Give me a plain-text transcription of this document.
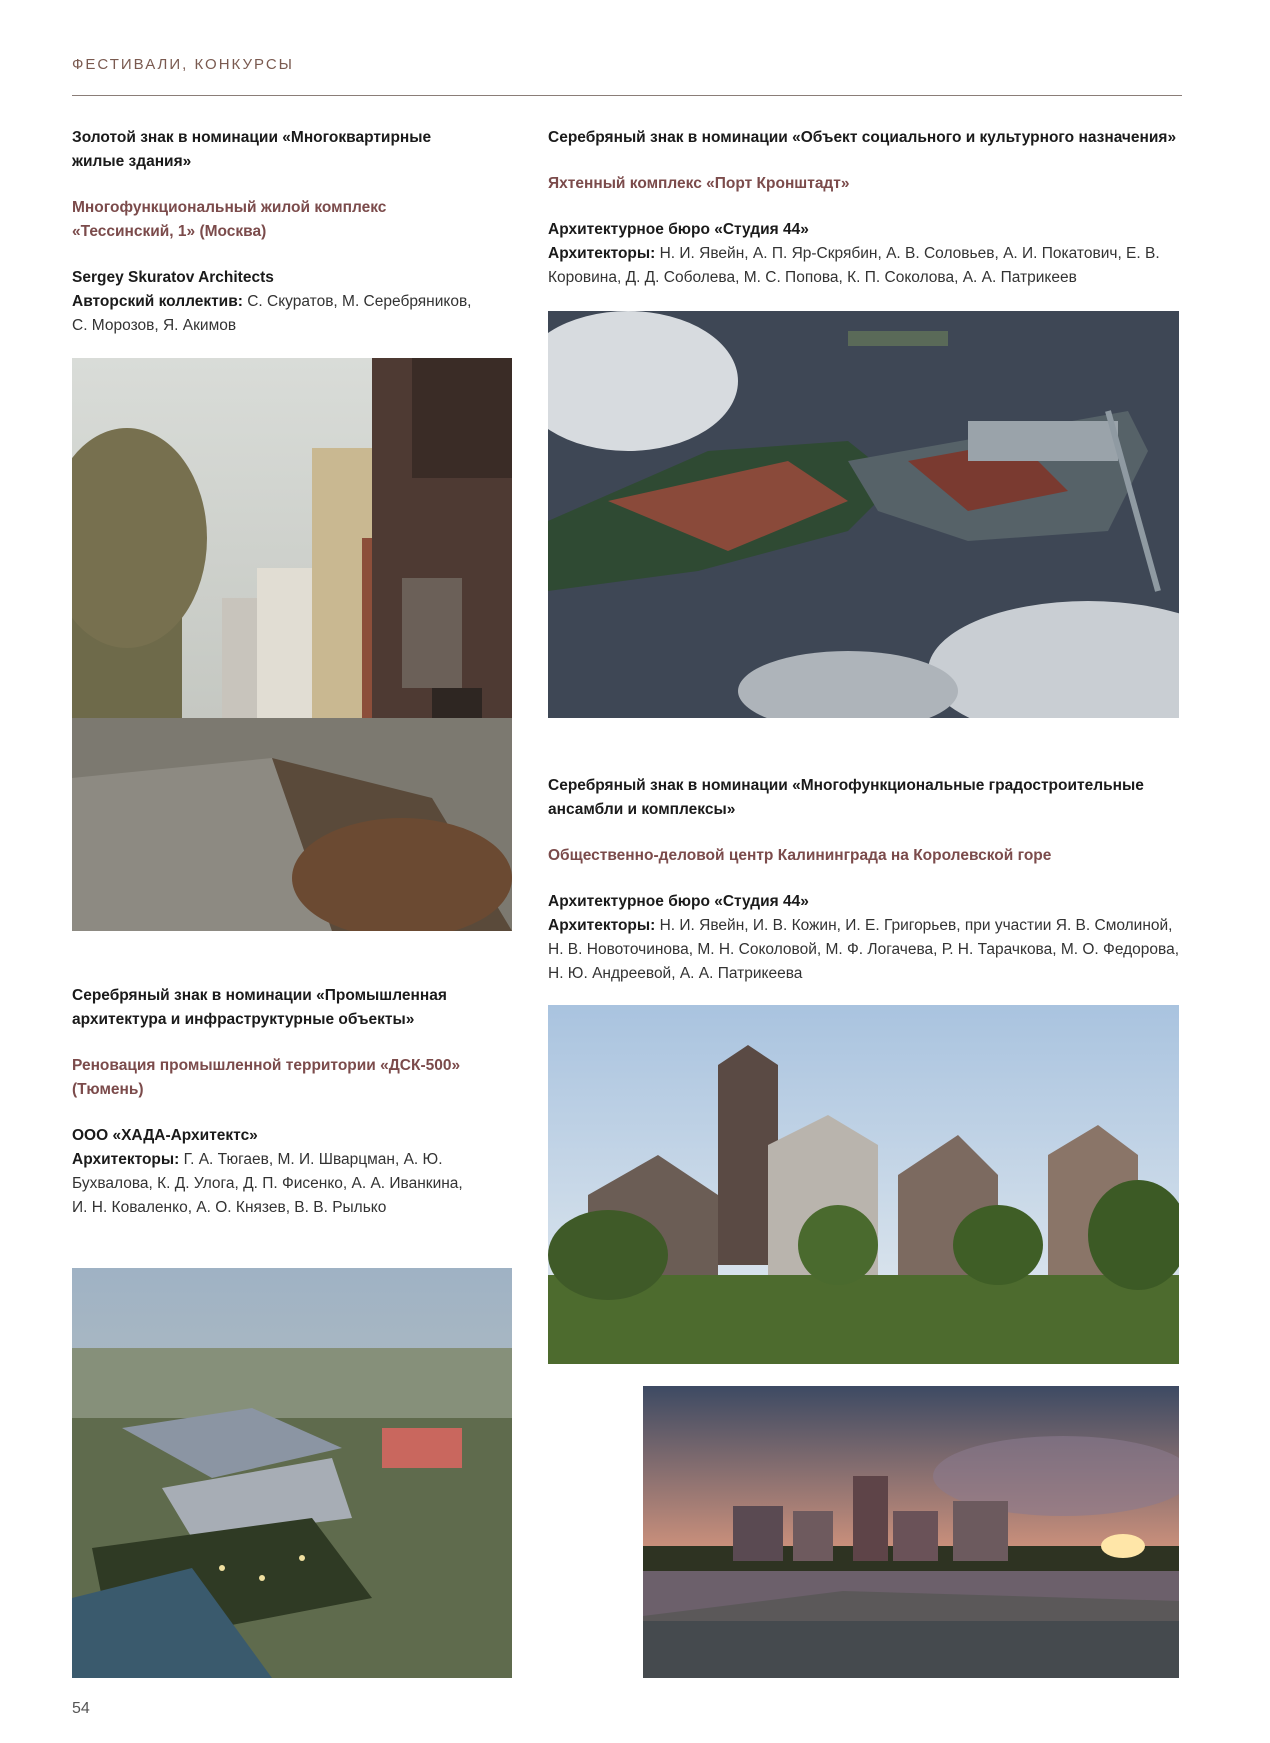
ФЕСТИВАЛИ, КОНКУРСЫ
Золотой знак в номинации «Многоквартирные жилые здания»
Многофункциональный жилой комплекс «Тессинский, 1» (Москва)
Sergey Skuratov Architects
Авторский коллектив: С. Скуратов, М. Серебряников, С. Морозов, Я. Акимов
Серебряный знак в номинации «Промышленная архитектура и инфраструктурные объекты»
Реновация промышленной территории «ДСК-500» (Тюмень)
ООО «ХАДА-Архитектс»
Архитекторы: Г. А. Тюгаев, М. И. Шварцман, А. Ю. Бухвалова, К. Д. Улога, Д. П. Фисенко, А. А. Иванкина, И. Н. Коваленко, А. О. Князев, В. В. Рылько
Серебряный знак в номинации «Объект социального и культурного назначения»
Яхтенный комплекс «Порт Кронштадт»
Архитектурное бюро «Студия 44»
Архитекторы: Н. И. Явейн, А. П. Яр-Скрябин, А. В. Соловьев, А. И. Покатович, Е. В. Коровина, Д. Д. Соболева, М. С. Попова, К. П. Соколова, А. А. Патрикеев
Серебряный знак в номинации «Многофункциональные градостроительные ансамбли и комплексы»
Общественно-деловой центр Калининграда на Королевской горе
Архитектурное бюро «Студия 44»
Архитекторы: Н. И. Явейн, И. В. Кожин, И. Е. Григорьев, при участии Я. В. Смолиной, Н. В. Новоточинова, М. Н. Соколовой, М. Ф. Логачева, Р. Н. Тарачкова, М. О. Федорова, Н. Ю. Андреевой, А. А. Патрикеева
54
